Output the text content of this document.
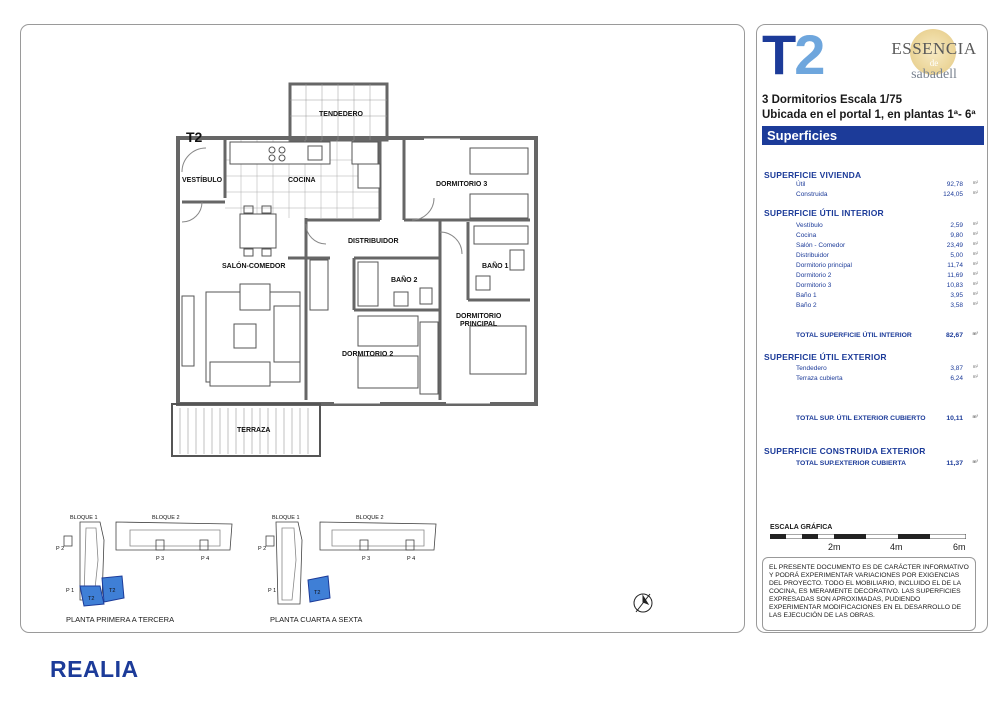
T2
TENDEDERO
VESTÍBULO	COCINA
DORMITORIO 3
DISTRIBUIDOR
SALÓN-COMEDOR
BAÑO 2
BAÑO 1
DORMITORIO
PRINCIPAL
DORMITORIO 2
TERRAZA
BLOQUE 1	BLOQUE 2
P 2
P 3	P 4
P 1
T2
T2
BLOQUE 1	BLOQUE 2
P 2
P 3	P 4
P 1	T2
PLANTA PRIMERA A TERCERA	PLANTA CUARTA A SEXTA
T2	ESSENCIA
de
sabadell
3 Dormitorios Escala 1/75
Ubicada en el portal 1, en plantas 1ª- 6ª
Superficies
SUPERFICIE VIVIENDA
Útil	92,78 m²
Construida	124,05 m²
SUPERFICIE ÚTIL INTERIOR
Vestíbulo	2,59 m²
Cocina	9,80 m²
Salón - Comedor	23,49 m²
Distribuidor	5,00 m²
Dormitorio principal	11,74 m²
Dormitorio 2	11,69 m²
Dormitorio 3	10,83 m²
Baño 1	3,95 m²
Baño 2	3,58 m²
TOTAL SUPERFICIE ÚTIL INTERIOR	82,67 m²
SUPERFICIE ÚTIL EXTERIOR
Tendedero	3,87 m²
Terraza cubierta	6,24 m²
TOTAL SUP. ÚTIL EXTERIOR CUBIERTO	10,11 m²
SUPERFICIE CONSTRUIDA EXTERIOR
TOTAL SUP.EXTERIOR CUBIERTA	11,37 m²
ESCALA GRÁFICA
2m	4m	6m
EL PRESENTE DOCUMENTO ES DE CARÁCTER INFORMATIVO Y PODRÁ EXPERIMENTAR VARIACIONES POR EXIGENCIAS DEL PROYECTO. TODO EL MOBILIARIO, INCLUIDO EL DE LA COCINA, ES MERAMENTE DECORATIVO. LAS SUPERFICIES EXPRESADAS SON APROXIMADAS, PUDIENDO EXPERIMENTAR MODIFICACIONES EN EL DESARROLLO DE LAS EJECUCIÓN DE LAS OBRAS.
REALIA
